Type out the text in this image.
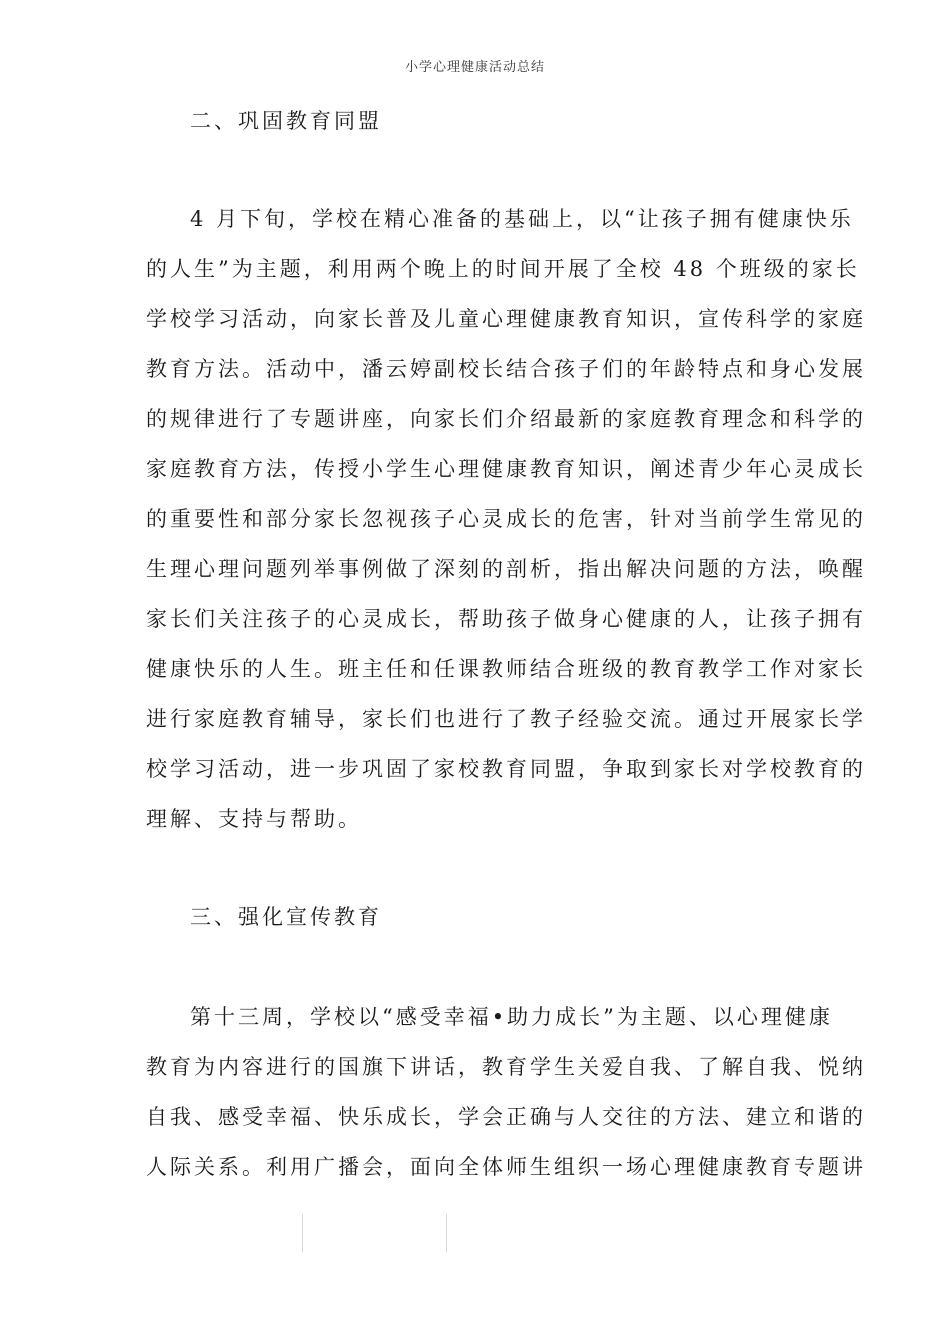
小学心理健康活动总结
二、巩固教育同盟
4 月下旬，学校在精心准备的基础上，以“让孩子拥有健康快乐
的人生”为主题，利用两个晚上的时间开展了全校 48 个班级的家长
学校学习活动，向家长普及儿童心理健康教育知识，宣传科学的家庭
教育方法。活动中，潘云婷副校长结合孩子们的年龄特点和身心发展
的规律进行了专题讲座，向家长们介绍最新的家庭教育理念和科学的
家庭教育方法，传授小学生心理健康教育知识，阐述青少年心灵成长
的重要性和部分家长忽视孩子心灵成长的危害，针对当前学生常见的
生理心理问题列举事例做了深刻的剖析，指出解决问题的方法，唤醒
家长们关注孩子的心灵成长，帮助孩子做身心健康的人，让孩子拥有
健康快乐的人生。班主任和任课教师结合班级的教育教学工作对家长
进行家庭教育辅导，家长们也进行了教子经验交流。通过开展家长学
校学习活动，进一步巩固了家校教育同盟，争取到家长对学校教育的
理解、支持与帮助。
三、强化宣传教育
第十三周，学校以“感受幸福•助力成长”为主题、以心理健康
教育为内容进行的国旗下讲话，教育学生关爱自我、了解自我、悦纳
自我、感受幸福、快乐成长，学会正确与人交往的方法、建立和谐的
人际关系。利用广播会，面向全体师生组织一场心理健康教育专题讲
